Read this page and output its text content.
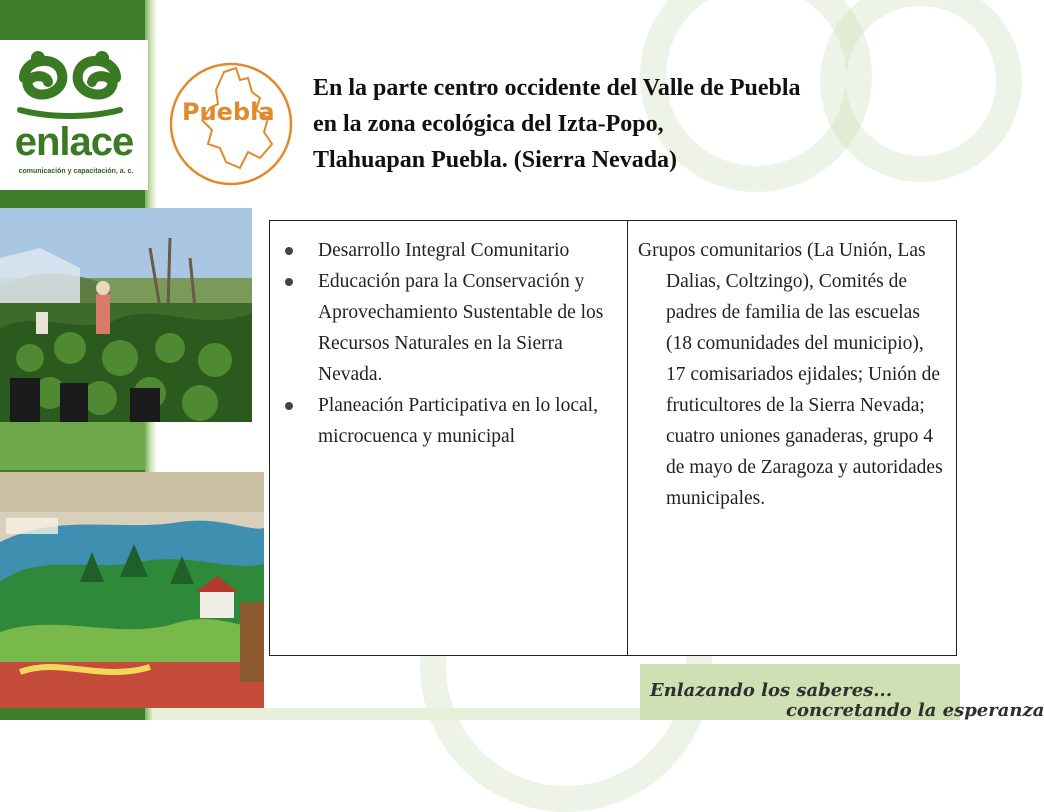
enlace
comunicación y capacitación, a. c.
Puebla
En la parte centro occidente del Valle de Puebla
en la zona ecológica del Izta-Popo,
Tlahuapan Puebla. (Sierra Nevada)
Desarrollo Integral Comunitario
Educación para la Conservación y Aprovechamiento Sustentable de los Recursos Naturales en la Sierra Nevada.
Planeación Participativa en lo local, microcuenca y municipal

Grupos comunitarios (La Unión, Las Dalias, Coltzingo), Comités de padres de familia de las escuelas (18 comunidades del municipio), 17 comisariados ejidales; Unión de fruticultores de la Sierra Nevada; cuatro uniones ganaderas, grupo 4 de mayo de Zaragoza y autoridades municipales.

Enlazando los saberes...
concretando la esperanza
